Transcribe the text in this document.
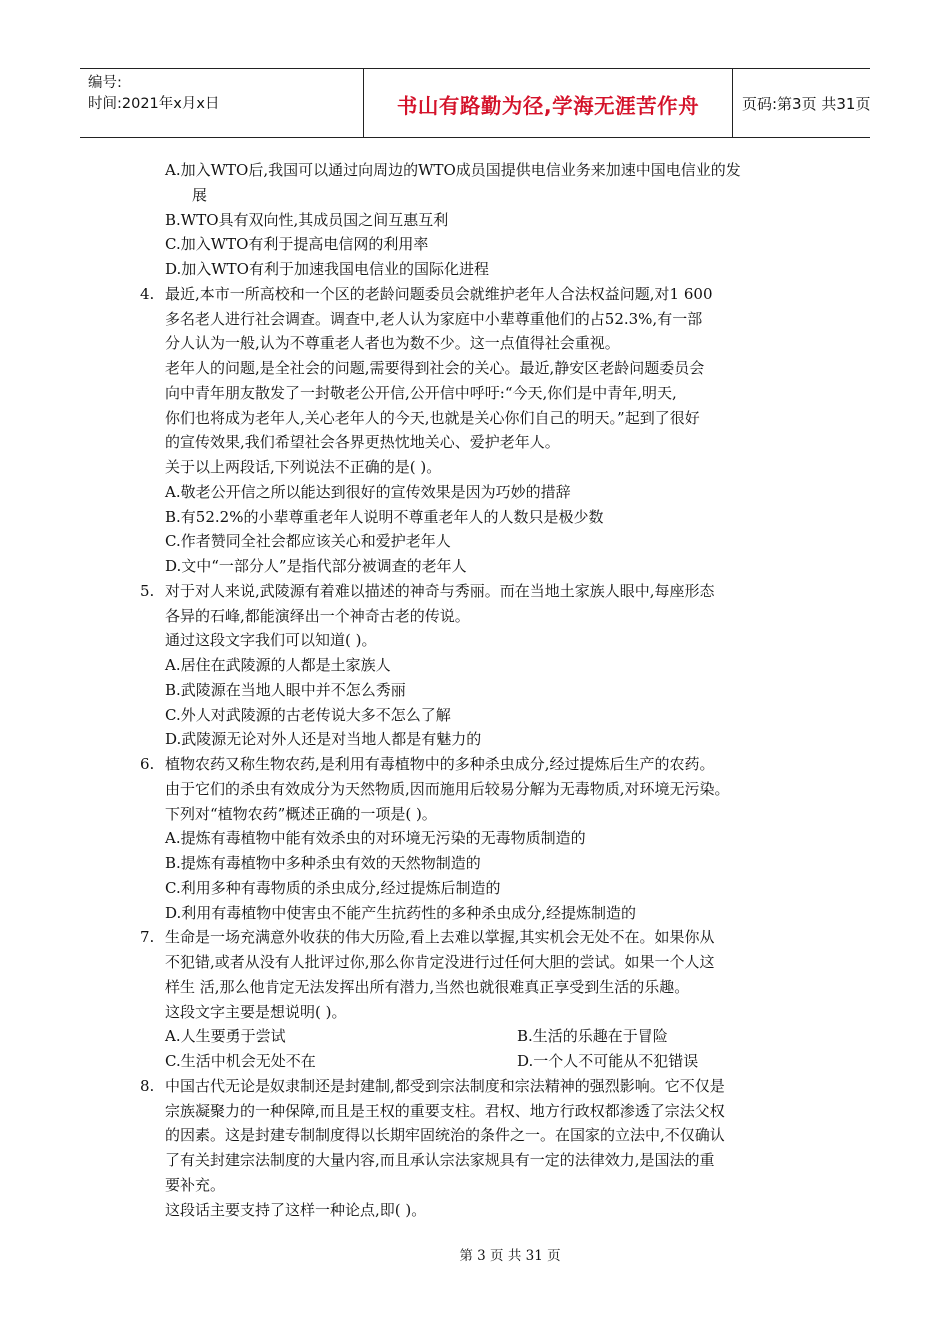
编号:
时间:2021年x月x日	书山有路勤为径,学海无涯苦作舟	页码:第3页 共31页
A.加入WTO后,我国可以通过向周边的WTO成员国提供电信业务来加速中国电信业的发
展
B.WTO具有双向性,其成员国之间互惠互利
C.加入WTO有利于提高电信网的利用率
D.加入WTO有利于加速我国电信业的国际化进程
4. 最近,本市一所高校和一个区的老龄问题委员会就维护老年人合法权益问题,对1 600
多名老人进行社会调查。调查中,老人认为家庭中小辈尊重他们的占52.3%,有一部
分人认为一般,认为不尊重老人者也为数不少。这一点值得社会重视。
老年人的问题,是全社会的问题,需要得到社会的关心。最近,静安区老龄问题委员会
向中青年朋友散发了一封敬老公开信,公开信中呼吁:“今天,你们是中青年,明天,
你们也将成为老年人,关心老年人的今天,也就是关心你们自己的明天。”起到了很好
的宣传效果,我们希望社会各界更热忱地关心、爱护老年人。
关于以上两段话,下列说法不正确的是( )。
A.敬老公开信之所以能达到很好的宣传效果是因为巧妙的措辞
B.有52.2%的小辈尊重老年人说明不尊重老年人的人数只是极少数
C.作者赞同全社会都应该关心和爱护老年人
D.文中“一部分人”是指代部分被调查的老年人
5. 对于对人来说,武陵源有着难以描述的神奇与秀丽。而在当地土家族人眼中,每座形态
各异的石峰,都能演绎出一个神奇古老的传说。
通过这段文字我们可以知道( )。
A.居住在武陵源的人都是土家族人
B.武陵源在当地人眼中并不怎么秀丽
C.外人对武陵源的古老传说大多不怎么了解
D.武陵源无论对外人还是对当地人都是有魅力的
6. 植物农药又称生物农药,是利用有毒植物中的多种杀虫成分,经过提炼后生产的农药。
由于它们的杀虫有效成分为天然物质,因而施用后较易分解为无毒物质,对环境无污染。
下列对“植物农药”概述正确的一项是( )。
A.提炼有毒植物中能有效杀虫的对环境无污染的无毒物质制造的
B.提炼有毒植物中多种杀虫有效的天然物制造的
C.利用多种有毒物质的杀虫成分,经过提炼后制造的
D.利用有毒植物中使害虫不能产生抗药性的多种杀虫成分,经提炼制造的
7. 生命是一场充满意外收获的伟大历险,看上去难以掌握,其实机会无处不在。如果你从
不犯错,或者从没有人批评过你,那么你肯定没进行过任何大胆的尝试。如果一个人这
样生 活,那么他肯定无法发挥出所有潜力,当然也就很难真正享受到生活的乐趣。
这段文字主要是想说明( )。
A.人生要勇于尝试	B.生活的乐趣在于冒险
C.生活中机会无处不在	D.一个人不可能从不犯错误
8. 中国古代无论是奴隶制还是封建制,都受到宗法制度和宗法精神的强烈影响。它不仅是
宗族凝聚力的一种保障,而且是王权的重要支柱。君权、地方行政权都渗透了宗法父权
的因素。这是封建专制制度得以长期牢固统治的条件之一。在国家的立法中,不仅确认
了有关封建宗法制度的大量内容,而且承认宗法家规具有一定的法律效力,是国法的重
要补充。
这段话主要支持了这样一种论点,即( )。
第 3 页 共 31 页
